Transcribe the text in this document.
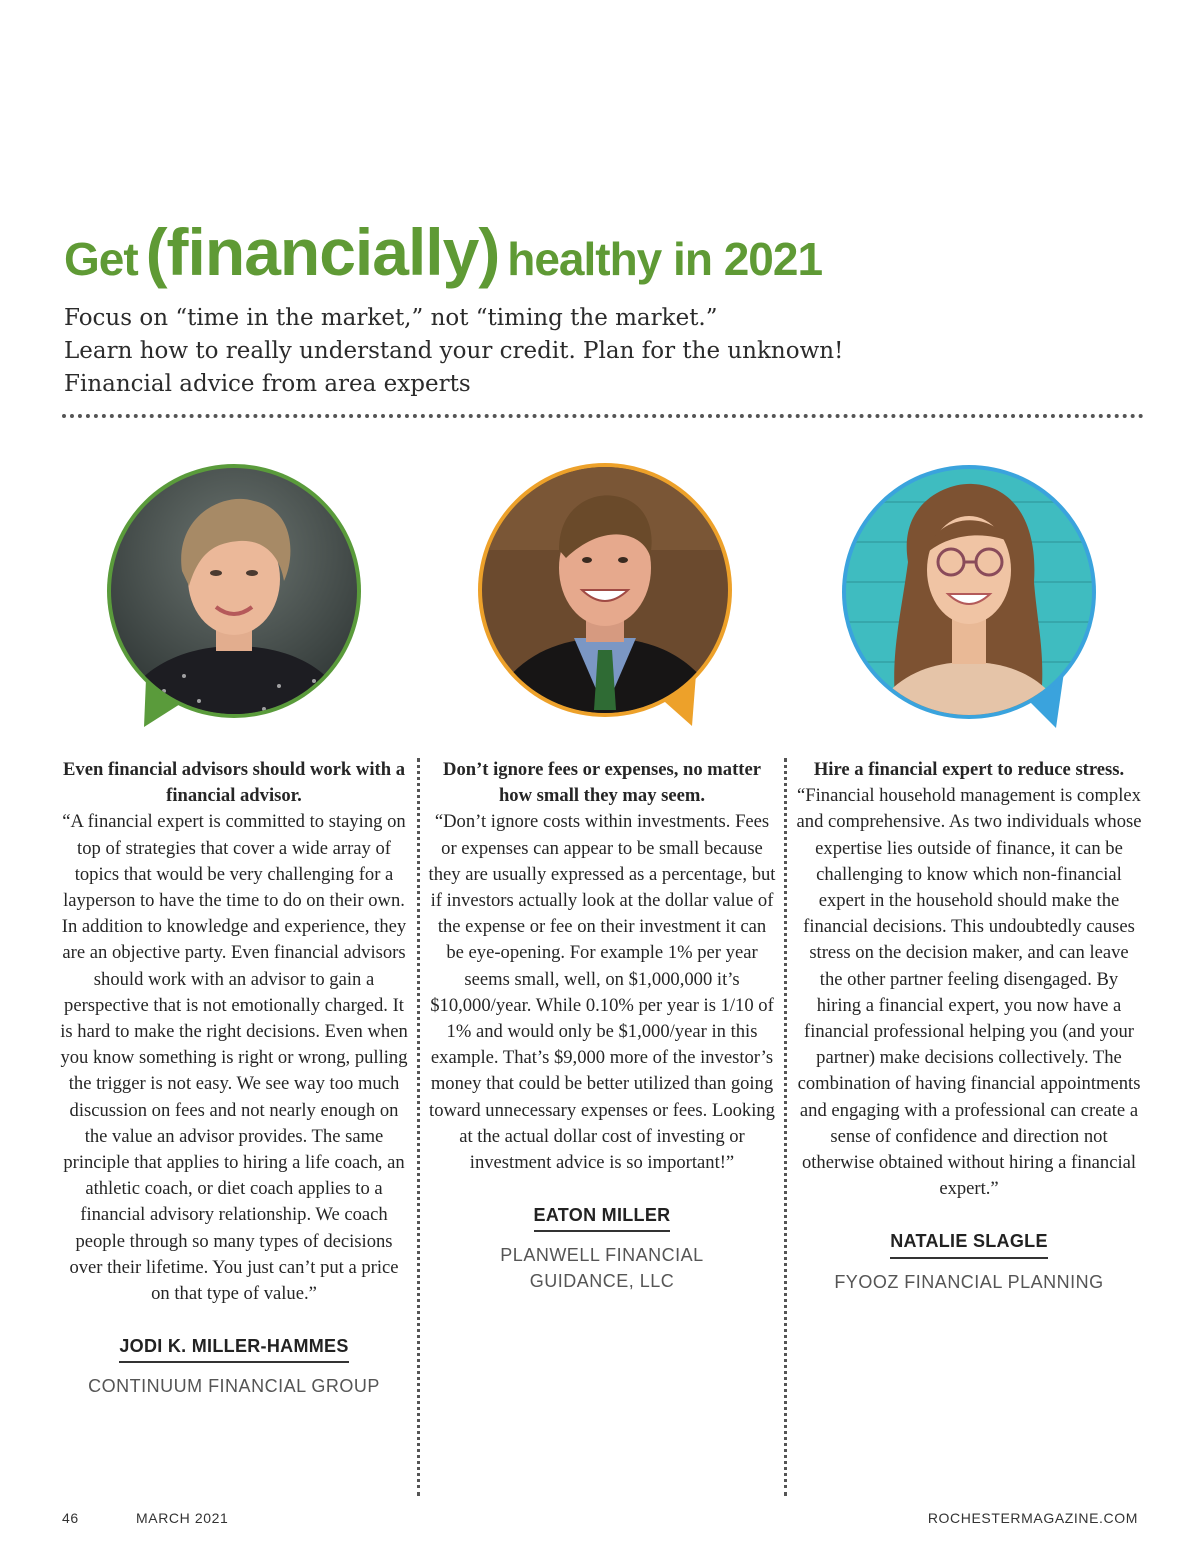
Get (financially) healthy in 2021
Focus on “time in the market,” not “timing the market.”
Learn how to really understand your credit. Plan for the unknown!
Financial advice from area experts
Even financial advisors should work with a financial advisor.
“A financial expert is committed to staying on top of strategies that cover a wide array of topics that would be very challenging for a layperson to have the time to do on their own. In addition to knowledge and experience, they are an objective party. Even financial advisors should work with an advisor to gain a perspective that is not emotionally charged. It is hard to make the right decisions. Even when you know something is right or wrong, pulling the trigger is not easy. We see way too much discussion on fees and not nearly enough on the value an advisor provides. The same principle that applies to hiring a life coach, an athletic coach, or diet coach applies to a financial advisory relationship. We coach people through so many types of decisions over their lifetime. You just can’t put a price on that type of value.”
JODI K. MILLER-HAMMES
CONTINUUM FINANCIAL GROUP
Don’t ignore fees or expenses, no matter how small they may seem.
“Don’t ignore costs within investments. Fees or expenses can appear to be small because they are usually expressed as a percentage, but if investors actually look at the dollar value of the expense or fee on their investment it can be eye-opening. For example 1% per year seems small, well, on $1,000,000 it’s $10,000/year. While 0.10% per year is 1/10 of 1% and would only be $1,000/year in this example. That’s $9,000 more of the investor’s money that could be better utilized than going toward unnecessary expenses or fees. Looking at the actual dollar cost of investing or investment advice is so important!”
EATON MILLER
PLANWELL FINANCIAL GUIDANCE, LLC
Hire a financial expert to reduce stress.
“Financial household management is complex and comprehensive. As two individuals whose expertise lies outside of finance, it can be challenging to know which non-financial expert in the household should make the financial decisions. This undoubtedly causes stress on the decision maker, and can leave the other partner feeling disengaged. By hiring a financial expert, you now have a financial professional helping you (and your partner) make decisions collectively. The combination of having financial appointments and engaging with a professional can create a sense of confidence and direction not otherwise obtained without hiring a financial expert.”
NATALIE SLAGLE
FYOOZ FINANCIAL PLANNING
46	MARCH 2021	ROCHESTERMAGAZINE.COM
